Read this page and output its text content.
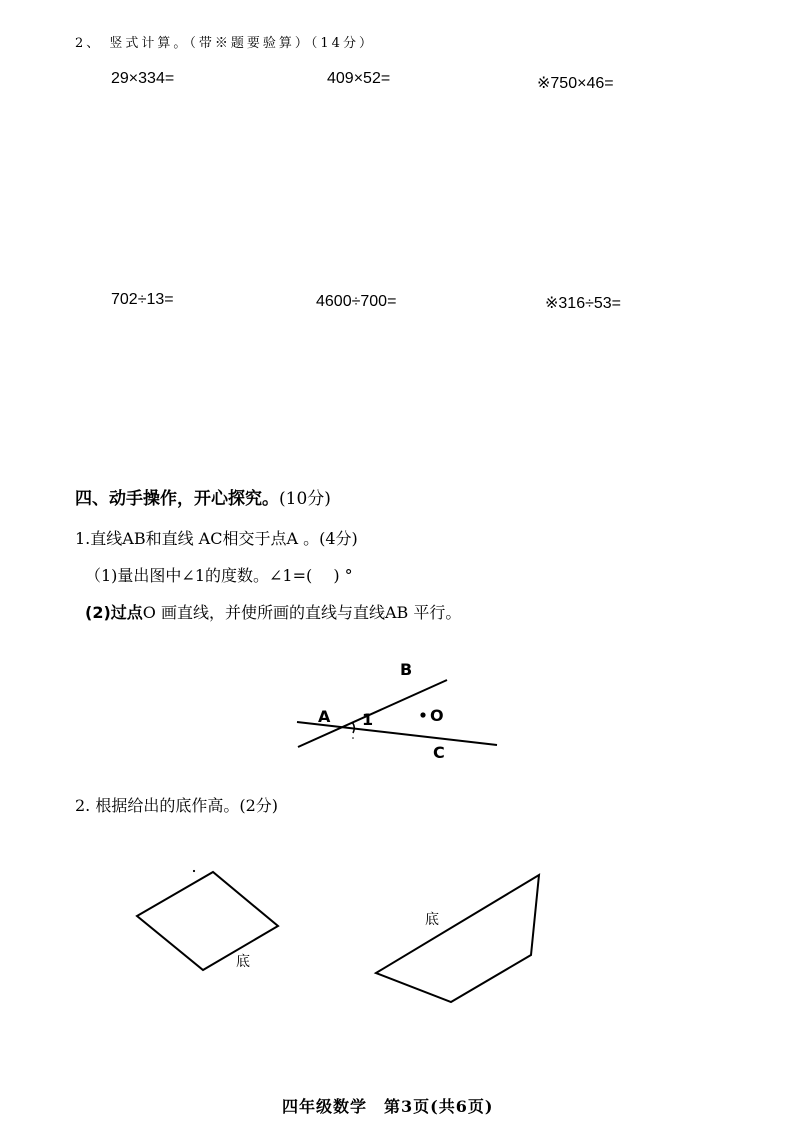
2、 竖式计算。（带※题要验算）（14分）
29×334=	409×52=	※750×46=
702÷13=	4600÷700=	※316÷53=
四、动手操作，开心探究。(10分)
1.直线AB和直线 AC相交于点A 。(4分)
（1)量出图中∠1的度数。∠1=(　 ) °
(2)过点O 画直线，并使所画的直线与直线AB 平行。
B
A 1	O
C
底
底
2. 根据给出的底作高。(2分)
四年级数学　第3页(共6页)
